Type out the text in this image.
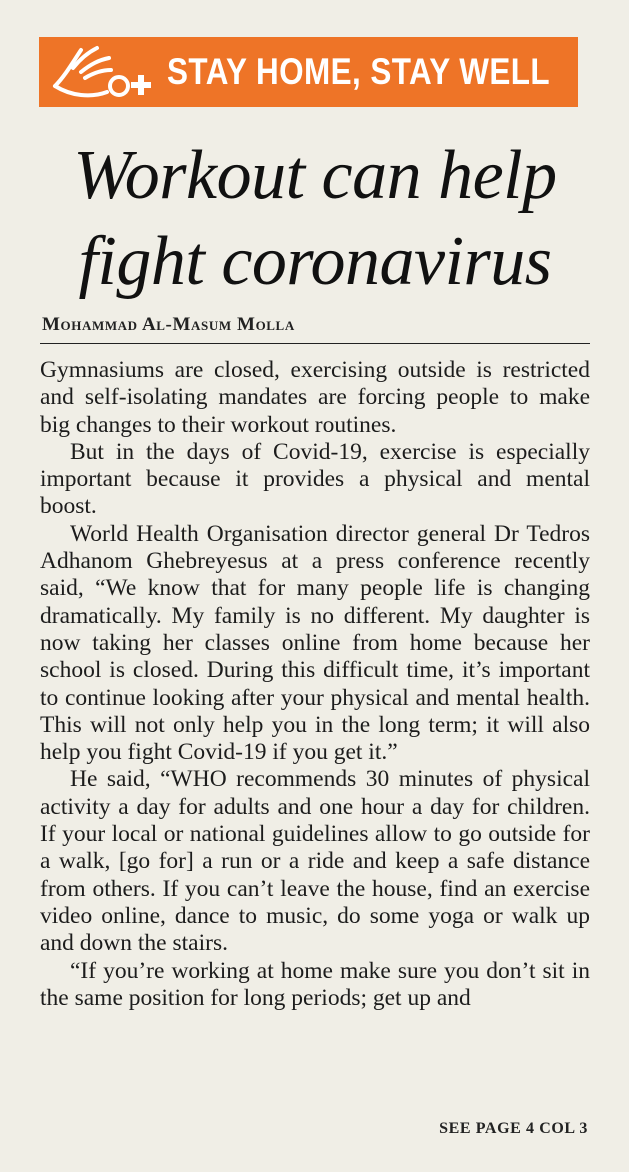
STAY HOME, STAY WELL
Workout can help fight coronavirus
Mohammad Al-Masum Molla

Gymnasiums are closed, exercising outside is restricted and self-isolating mandates are forcing people to make big changes to their workout routines.

But in the days of Covid-19, exercise is especially important because it provides a physical and mental boost.

World Health Organisation director general Dr Tedros Adhanom Ghebreyesus at a press conference recently said, “We know that for many people life is changing dramatically. My family is no different. My daughter is now taking her classes online from home because her school is closed. During this difficult time, it’s important to continue looking after your physical and mental health. This will not only help you in the long term; it will also help you fight Covid-19 if you get it.”

He said, “WHO recommends 30 minutes of physical activity a day for adults and one hour a day for children. If your local or national guidelines allow to go outside for a walk, [go for] a run or a ride and keep a safe distance from others. If you can’t leave the house, find an exercise video online, dance to music, do some yoga or walk up and down the stairs.

“If you’re working at home make sure you don’t sit in the same position for long periods; get up and

SEE PAGE 4 COL 3
